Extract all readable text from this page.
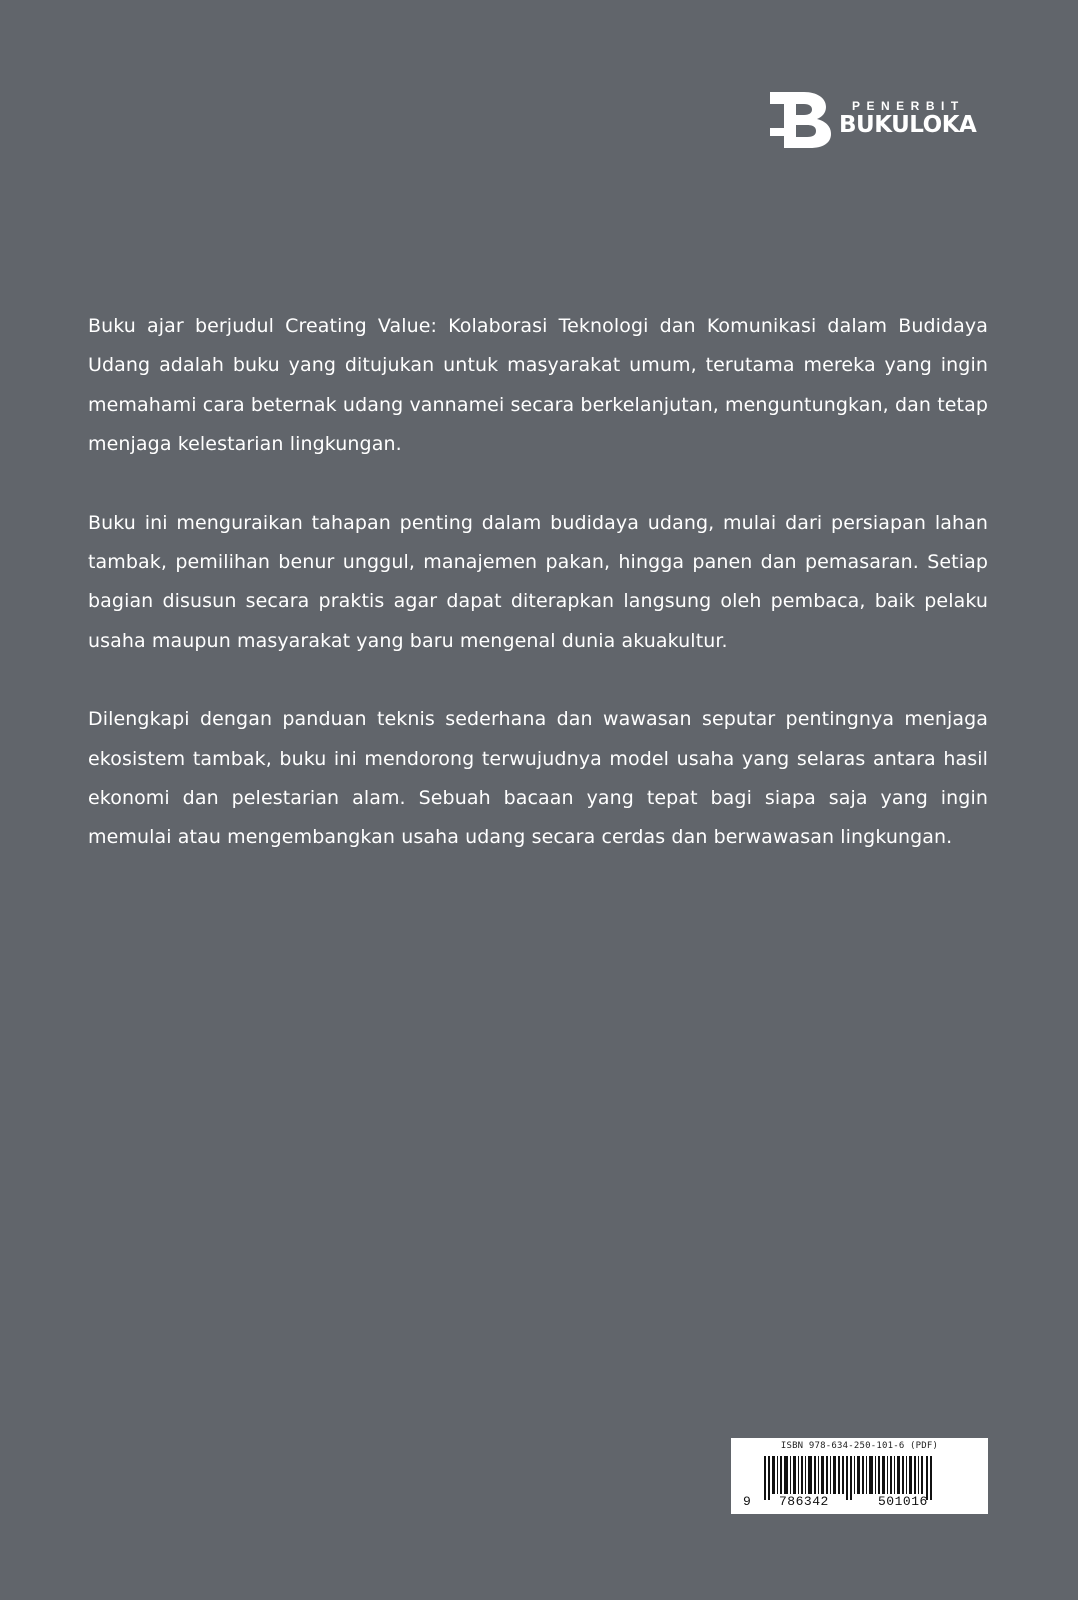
PENERBIT
BUKULOKA

Buku ajar berjudul Creating Value: Kolaborasi Teknologi dan Komunikasi dalam Budidaya Udang adalah buku yang ditujukan untuk masyarakat umum, terutama mereka yang ingin memahami cara beternak udang vannamei secara berkelanjutan, menguntungkan, dan tetap menjaga kelestarian lingkungan.

Buku ini menguraikan tahapan penting dalam budidaya udang, mulai dari persiapan lahan tambak, pemilihan benur unggul, manajemen pakan, hingga panen dan pemasaran. Setiap bagian disusun secara praktis agar dapat diterapkan langsung oleh pembaca, baik pelaku usaha maupun masyarakat yang baru mengenal dunia akuakultur.

Dilengkapi dengan panduan teknis sederhana dan wawasan seputar pentingnya menjaga ekosistem tambak, buku ini mendorong terwujudnya model usaha yang selaras antara hasil ekonomi dan pelestarian alam. Sebuah bacaan yang tepat bagi siapa saja yang ingin memulai atau mengembangkan usaha udang secara cerdas dan berwawasan lingkungan.

ISBN 978-634-250-101-6 (PDF)
9 786342	501016
